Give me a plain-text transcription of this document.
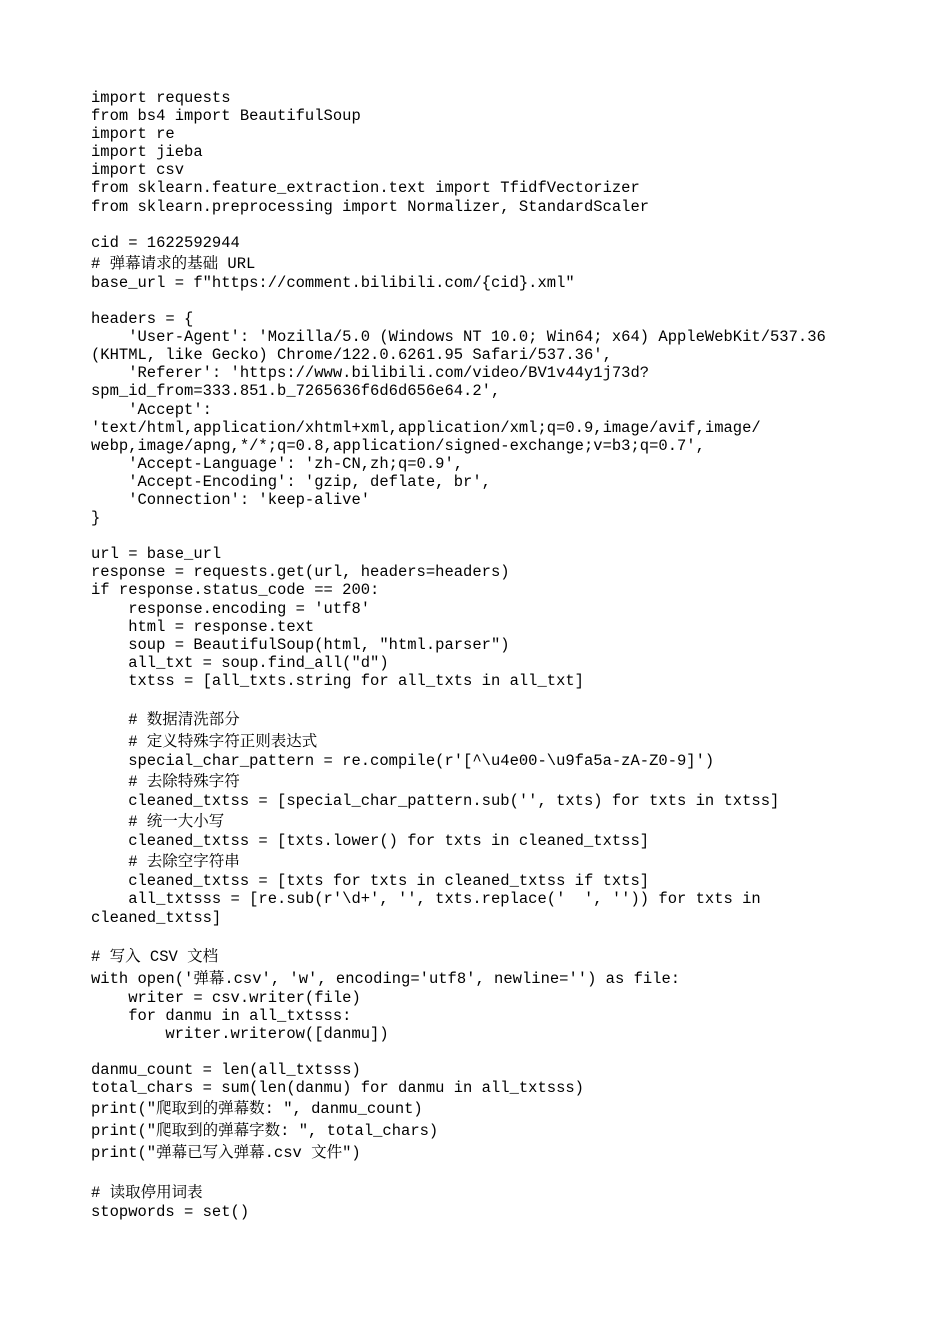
import requests
from bs4 import BeautifulSoup
import re
import jieba
import csv
from sklearn.feature_extraction.text import TfidfVectorizer
from sklearn.preprocessing import Normalizer, StandardScaler
cid = 1622592944
# 弹幕请求的基础 URL
base_url = f"https://comment.bilibili.com/{cid}.xml"
headers = {
'User-Agent': 'Mozilla/5.0 (Windows NT 10.0; Win64; x64) AppleWebKit/537.36
(KHTML, like Gecko) Chrome/122.0.6261.95 Safari/537.36',
'Referer': 'https://www.bilibili.com/video/BV1v44y1j73d?
spm_id_from=333.851.b_7265636f6d6d656e64.2',
'Accept':
'text/html,application/xhtml+xml,application/xml;q=0.9,image/avif,image/
webp,image/apng,*/*;q=0.8,application/signed-exchange;v=b3;q=0.7',
'Accept-Language': 'zh-CN,zh;q=0.9',
'Accept-Encoding': 'gzip, deflate, br',
'Connection': 'keep-alive'
}
url = base_url
response = requests.get(url, headers=headers)
if response.status_code == 200:
response.encoding = 'utf8'
html = response.text
soup = BeautifulSoup(html, "html.parser")
all_txt = soup.find_all("d")
txtss = [all_txts.string for all_txts in all_txt]
# 数据清洗部分
# 定义特殊字符正则表达式
special_char_pattern = re.compile(r'[^\u4e00-\u9fa5a-zA-Z0-9]')
# 去除特殊字符
cleaned_txtss = [special_char_pattern.sub('', txts) for txts in txtss]
# 统一大小写
cleaned_txtss = [txts.lower() for txts in cleaned_txtss]
# 去除空字符串
cleaned_txtss = [txts for txts in cleaned_txtss if txts]
all_txtsss = [re.sub(r'\d+', '', txts.replace('  ', '')) for txts in
cleaned_txtss]
# 写入 CSV 文档
with open('弹幕.csv', 'w', encoding='utf8', newline='') as file:
writer = csv.writer(file)
for danmu in all_txtsss:
writer.writerow([danmu])
danmu_count = len(all_txtsss)
total_chars = sum(len(danmu) for danmu in all_txtsss)
print("爬取到的弹幕数: ", danmu_count)
print("爬取到的弹幕字数: ", total_chars)
print("弹幕已写入弹幕.csv 文件")
# 读取停用词表
stopwords = set()
